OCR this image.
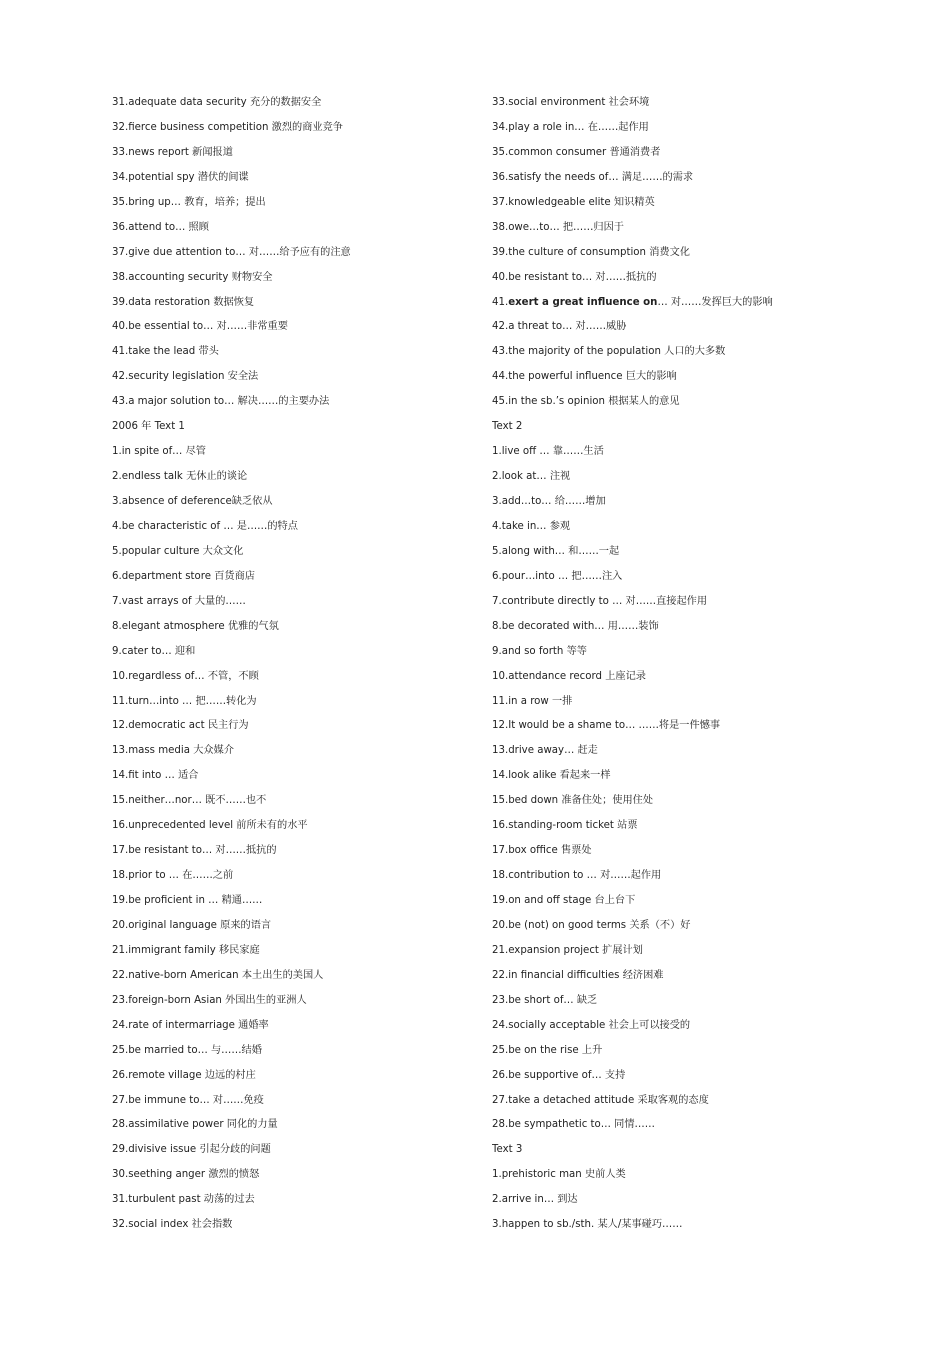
31.adequate data security 充分的数据安全
32.fierce business competition 激烈的商业竞争
33.news report 新闻报道
34.potential spy 潜伏的间谍
35.bring up… 教育，培养；提出
36.attend to… 照顾
37.give due attention to… 对……给予应有的注意
38.accounting security 财物安全
39.data restoration 数据恢复
40.be essential to… 对……非常重要
41.take the lead 带头
42.security legislation 安全法
43.a major solution to… 解决……的主要办法
2006 年 Text 1
1.in spite of… 尽管
2.endless talk 无休止的谈论
3.absence of deference缺乏依从
4.be characteristic of … 是……的特点
5.popular culture 大众文化
6.department store 百货商店
7.vast arrays of 大量的……
8.elegant atmosphere 优雅的气氛
9.cater to… 迎和
10.regardless of… 不管，不顾
11.turn…into … 把……转化为
12.democratic act 民主行为
13.mass media 大众媒介
14.fit into … 适合
15.neither…nor… 既不……也不
16.unprecedented level 前所未有的水平
17.be resistant to… 对……抵抗的
18.prior to … 在……之前
19.be proficient in … 精通……
20.original language 原来的语言
21.immigrant family 移民家庭
22.native-born American 本土出生的美国人
23.foreign-born Asian 外国出生的亚洲人
24.rate of intermarriage 通婚率
25.be married to… 与……结婚
26.remote village 边远的村庄
27.be immune to… 对……免疫
28.assimilative power 同化的力量
29.divisive issue 引起分歧的问题
30.seething anger 激烈的愤怒
31.turbulent past 动荡的过去
32.social index 社会指数
33.social environment 社会环境
34.play a role in… 在……起作用
35.common consumer 普通消费者
36.satisfy the needs of… 满足……的需求
37.knowledgeable elite 知识精英
38.owe…to… 把……归因于
39.the culture of consumption 消费文化
40.be resistant to… 对……抵抗的
41.exert a great influence on… 对……发挥巨大的影响
42.a threat to… 对……威胁
43.the majority of the population 人口的大多数
44.the powerful influence 巨大的影响
45.in the sb.’s opinion 根据某人的意见
Text 2
1.live off … 靠……生活
2.look at… 注视
3.add…to… 给……增加
4.take in… 参观
5.along with… 和……一起
6.pour…into … 把……注入
7.contribute directly to … 对……直接起作用
8.be decorated with… 用……装饰
9.and so forth 等等
10.attendance record 上座记录
11.in a row 一排
12.It would be a shame to… ……将是一件憾事
13.drive away… 赶走
14.look alike 看起来一样
15.bed down 准备住处；使用住处
16.standing-room ticket 站票
17.box office 售票处
18.contribution to … 对……起作用
19.on and off stage 台上台下
20.be (not) on good terms 关系（不）好
21.expansion project 扩展计划
22.in financial difficulties 经济困难
23.be short of… 缺乏
24.socially acceptable 社会上可以接受的
25.be on the rise 上升
26.be supportive of… 支持
27.take a detached attitude 采取客观的态度
28.be sympathetic to… 同情……
Text 3
1.prehistoric man 史前人类
2.arrive in… 到达
3.happen to sb./sth. 某人/某事碰巧……
